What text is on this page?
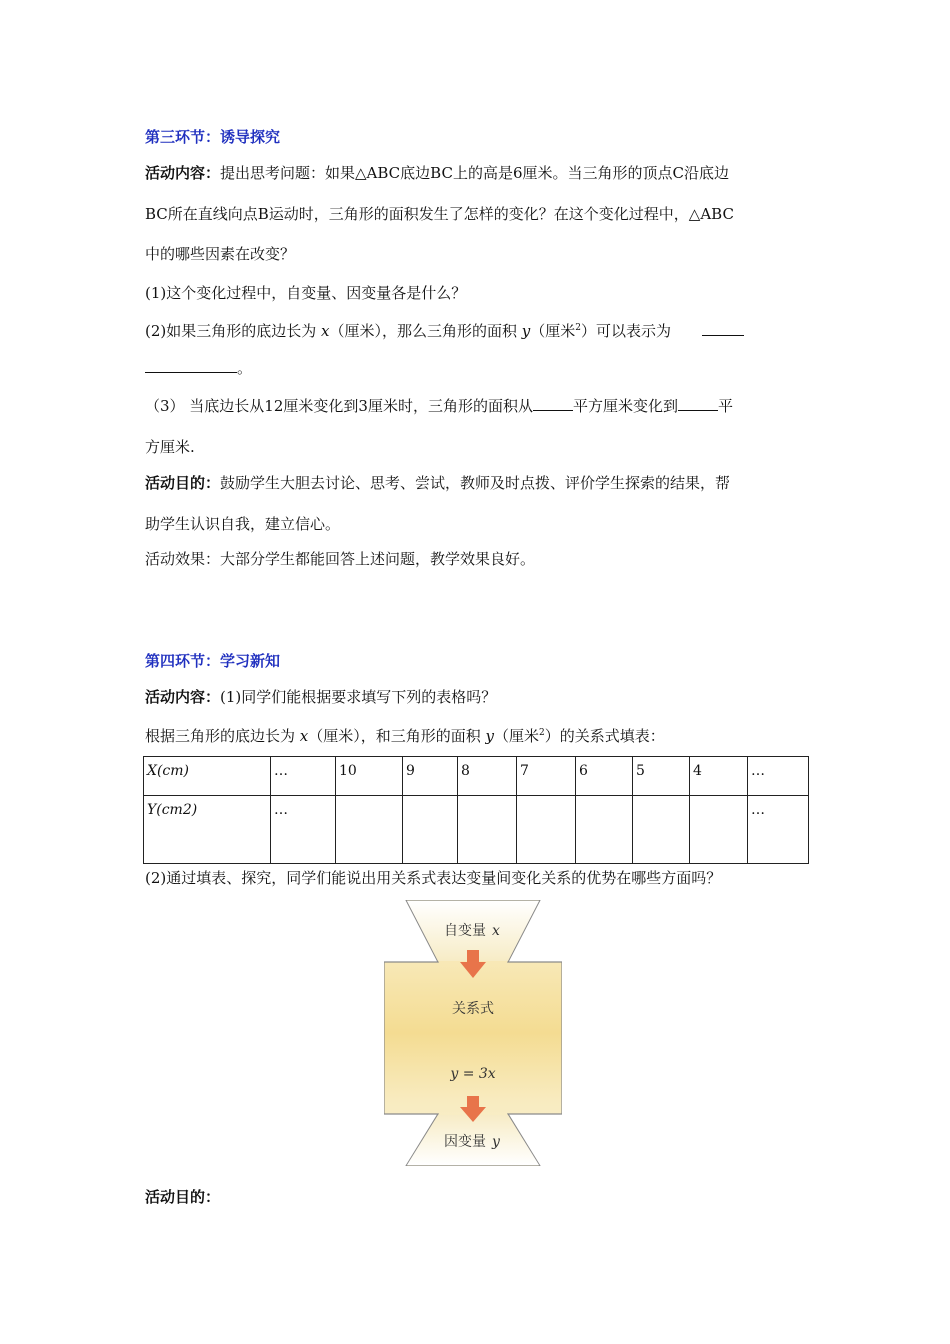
第三环节：诱导探究
活动内容：提出思考问题：如果△ABC底边BC上的高是6厘米。当三角形的顶点C沿底边
BC所在直线向点B运动时，三角形的面积发生了怎样的变化？在这个变化过程中，△ABC
中的哪些因素在改变？
(1)这个变化过程中，自变量、因变量各是什么？
(2)如果三角形的底边长为 x（厘米），那么三角形的面积 y（厘米$^2$）可以表示为
。
（3） 当底边长从12厘米变化到3厘米时，三角形的面积从	平方厘米变化到	平
方厘米.
活动目的：鼓励学生大胆去讨论、思考、尝试，教师及时点拨、评价学生探索的结果，帮
助学生认识自我，建立信心。
活动效果：大部分学生都能回答上述问题，教学效果良好。
第四环节：学习新知
活动内容：(1)同学们能根据要求填写下列的表格吗？
根据三角形的底边长为 x（厘米），和三角形的面积 y（厘米$^2$）的关系式填表：
X(cm)	…	10	9	8	7	6	5	4	…
Y(cm2)	…								…
(2)通过填表、探究，同学们能说出用关系式表达变量间变化关系的优势在哪些方面吗？
自变量 x
关系式
y = 3x
因变量 y
活动目的：
